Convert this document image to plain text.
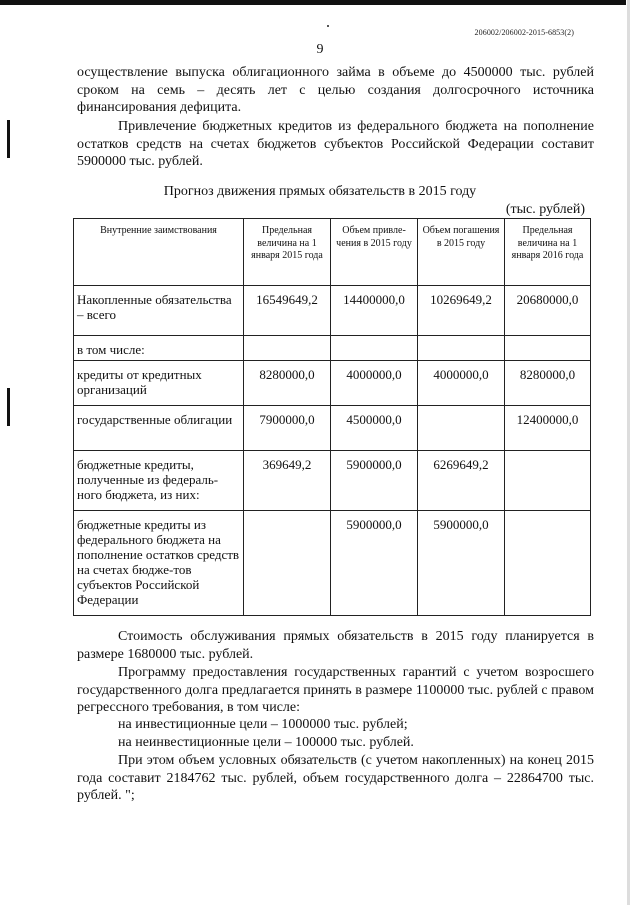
206002/206002-2015-6853(2)
9

осуществление выпуска облигационного займа в объеме до 4500000 тыс. рублей сроком на семь – десять лет с целью создания долгосрочного источника финансирования дефицита.

Привлечение бюджетных кредитов из федерального бюджета на пополнение остатков средств на счетах бюджетов субъектов Российской Федерации составит 5900000 тыс. рублей.

Прогноз движения прямых обязательств в 2015 году
(тыс. рублей)
Внутренние заимствования	Предельная величина на 1 января 2015 года	Объем привле-чения в 2015 году	Объем погашения в 2015 году	Предельная величина на 1 января 2016 года
Накопленные обязательства – всего	16549649,2	14400000,0	10269649,2	20680000,0
в том числе:				
кредиты от кредитных организаций	8280000,0	4000000,0	4000000,0	8280000,0
государственные облигации	7900000,0	4500000,0		12400000,0
бюджетные кредиты, полученные из федераль-ного бюджета, из них:	369649,2	5900000,0	6269649,2	
бюджетные кредиты из федерального бюджета на пополнение остатков средств на счетах бюдже-тов субъектов Российской Федерации		5900000,0	5900000,0	

Стоимость обслуживания прямых обязательств в 2015 году планируется в размере 1680000 тыс. рублей.

Программу предоставления государственных гарантий с учетом возросшего государственного долга предлагается принять в размере 1100000 тыс. рублей с правом регрессного требования, в том числе:

на инвестиционные цели – 1000000 тыс. рублей;
на неинвестиционные цели – 100000 тыс. рублей.

При этом объем условных обязательств (с учетом накопленных) на конец 2015 года составит 2184762 тыс. рублей, объем государственного долга – 22864700 тыс. рублей. ";
